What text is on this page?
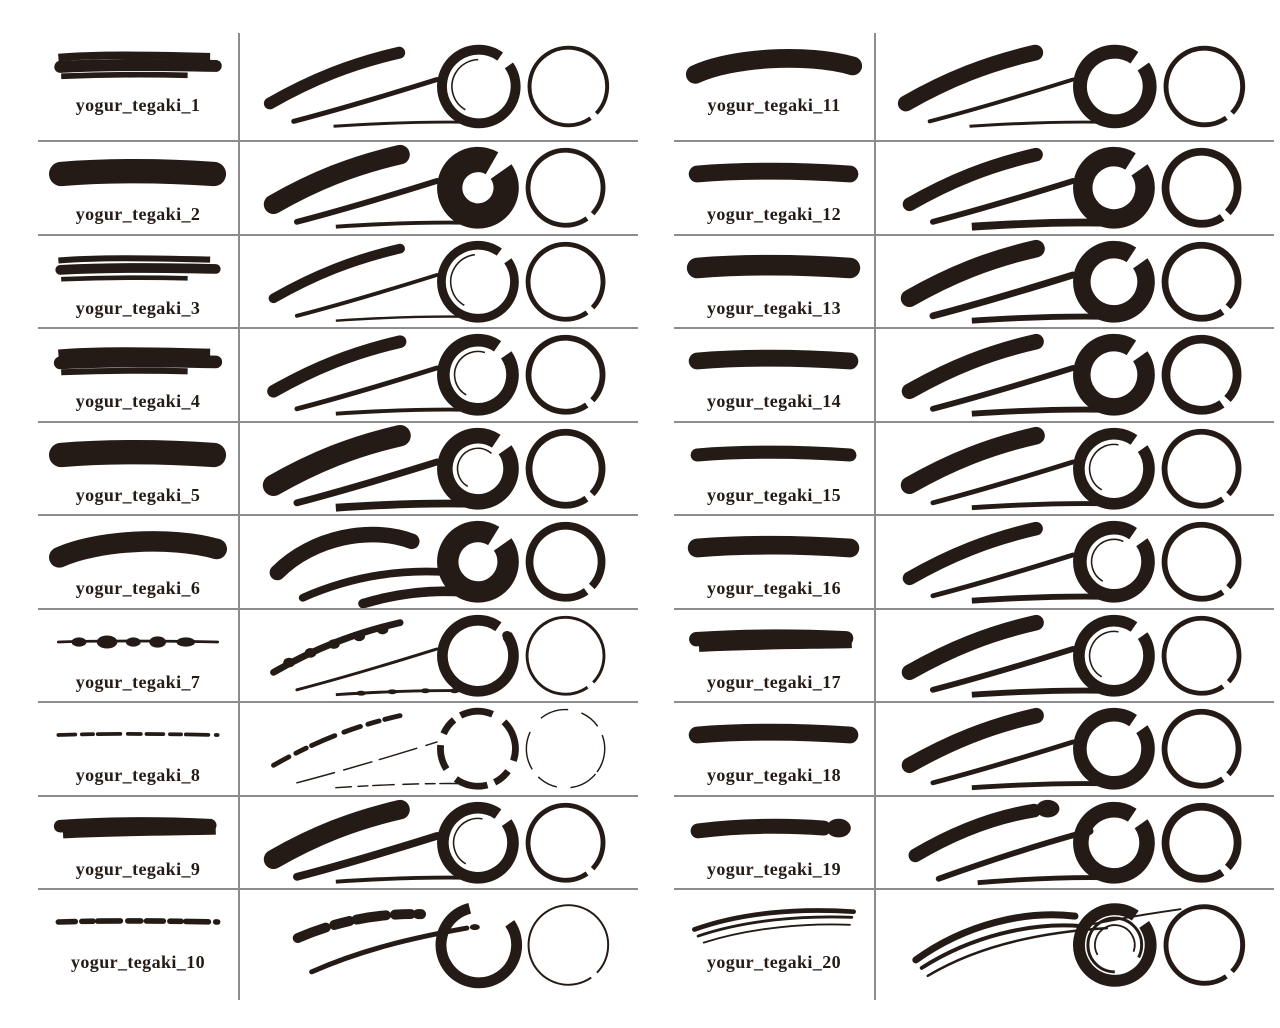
yogur_tegaki_1
yogur_tegaki_2
yogur_tegaki_3
yogur_tegaki_4
yogur_tegaki_5
yogur_tegaki_6
yogur_tegaki_7
yogur_tegaki_8
yogur_tegaki_9
yogur_tegaki_10
yogur_tegaki_11
yogur_tegaki_12
yogur_tegaki_13
yogur_tegaki_14
yogur_tegaki_15
yogur_tegaki_16
yogur_tegaki_17
yogur_tegaki_18
yogur_tegaki_19
yogur_tegaki_20
